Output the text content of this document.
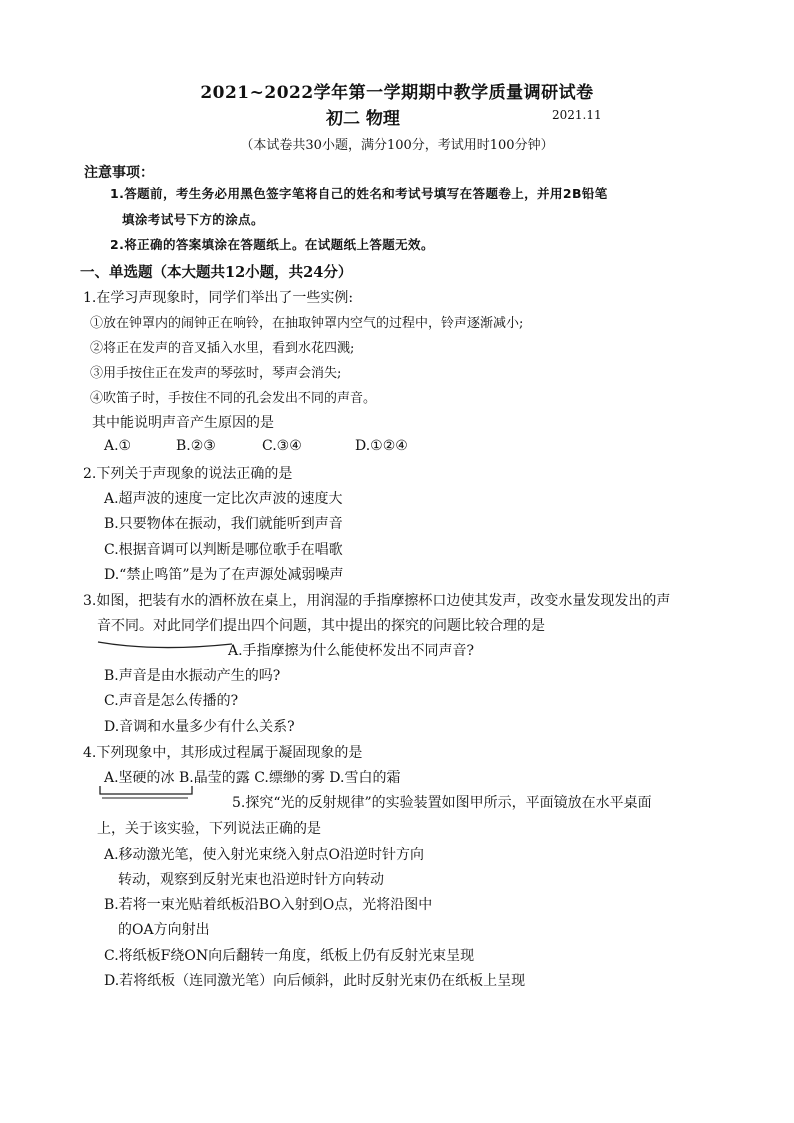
2021~2022学年第一学期期中教学质量调研试卷
初二 物理	2021.11
（本试卷共30小题，满分100分，考试用时100分钟）
注意事项：
1.答题前，考生务必用黑色签字笔将自己的姓名和考试号填写在答题卷上，并用2B铅笔
填涂考试号下方的涂点。
2.将正确的答案填涂在答题纸上。在试题纸上答题无效。
一、单选题（本大题共12小题，共24分）
1.在学习声现象时，同学们举出了一些实例:
①放在钟罩内的闹钟正在响铃，在抽取钟罩内空气的过程中，铃声逐渐减小;
②将正在发声的音叉插入水里，看到水花四溅;
③用手按住正在发声的琴弦时，琴声会消失;
④吹笛子时，手按住不同的孔会发出不同的声音。
其中能说明声音产生原因的是
A.①	B.②③	C.③④	D.①②④
2.下列关于声现象的说法正确的是
A.超声波的速度一定比次声波的速度大
B.只要物体在振动，我们就能听到声音
C.根据音调可以判断是哪位歌手在唱歌
D.“禁止鸣笛”是为了在声源处减弱噪声
3.如图，把装有水的酒杯放在桌上，用润湿的手指摩擦杯口边使其发声，改变水量发现发出的声
音不同。对此同学们提出四个问题，其中提出的探究的问题比较合理的是
A.手指摩擦为什么能使杯发出不同声音?
B.声音是由水振动产生的吗?
C.声音是怎么传播的?
D.音调和水量多少有什么关系?
4.下列现象中，其形成过程属于凝固现象的是
A.坚硬的冰 B.晶莹的露 C.缥缈的雾 D.雪白的霜
5.探究“光的反射规律”的实验装置如图甲所示，平面镜放在水平桌面
上，关于该实验，下列说法正确的是
A.移动激光笔，使入射光束绕入射点O沿逆时针方向
转动，观察到反射光束也沿逆时针方向转动
B.若将一束光贴着纸板沿BO入射到O点，光将沿图中
的OA方向射出
C.将纸板F绕ON向后翻转一角度，纸板上仍有反射光束呈现
D.若将纸板（连同激光笔）向后倾斜，此时反射光束仍在纸板上呈现
